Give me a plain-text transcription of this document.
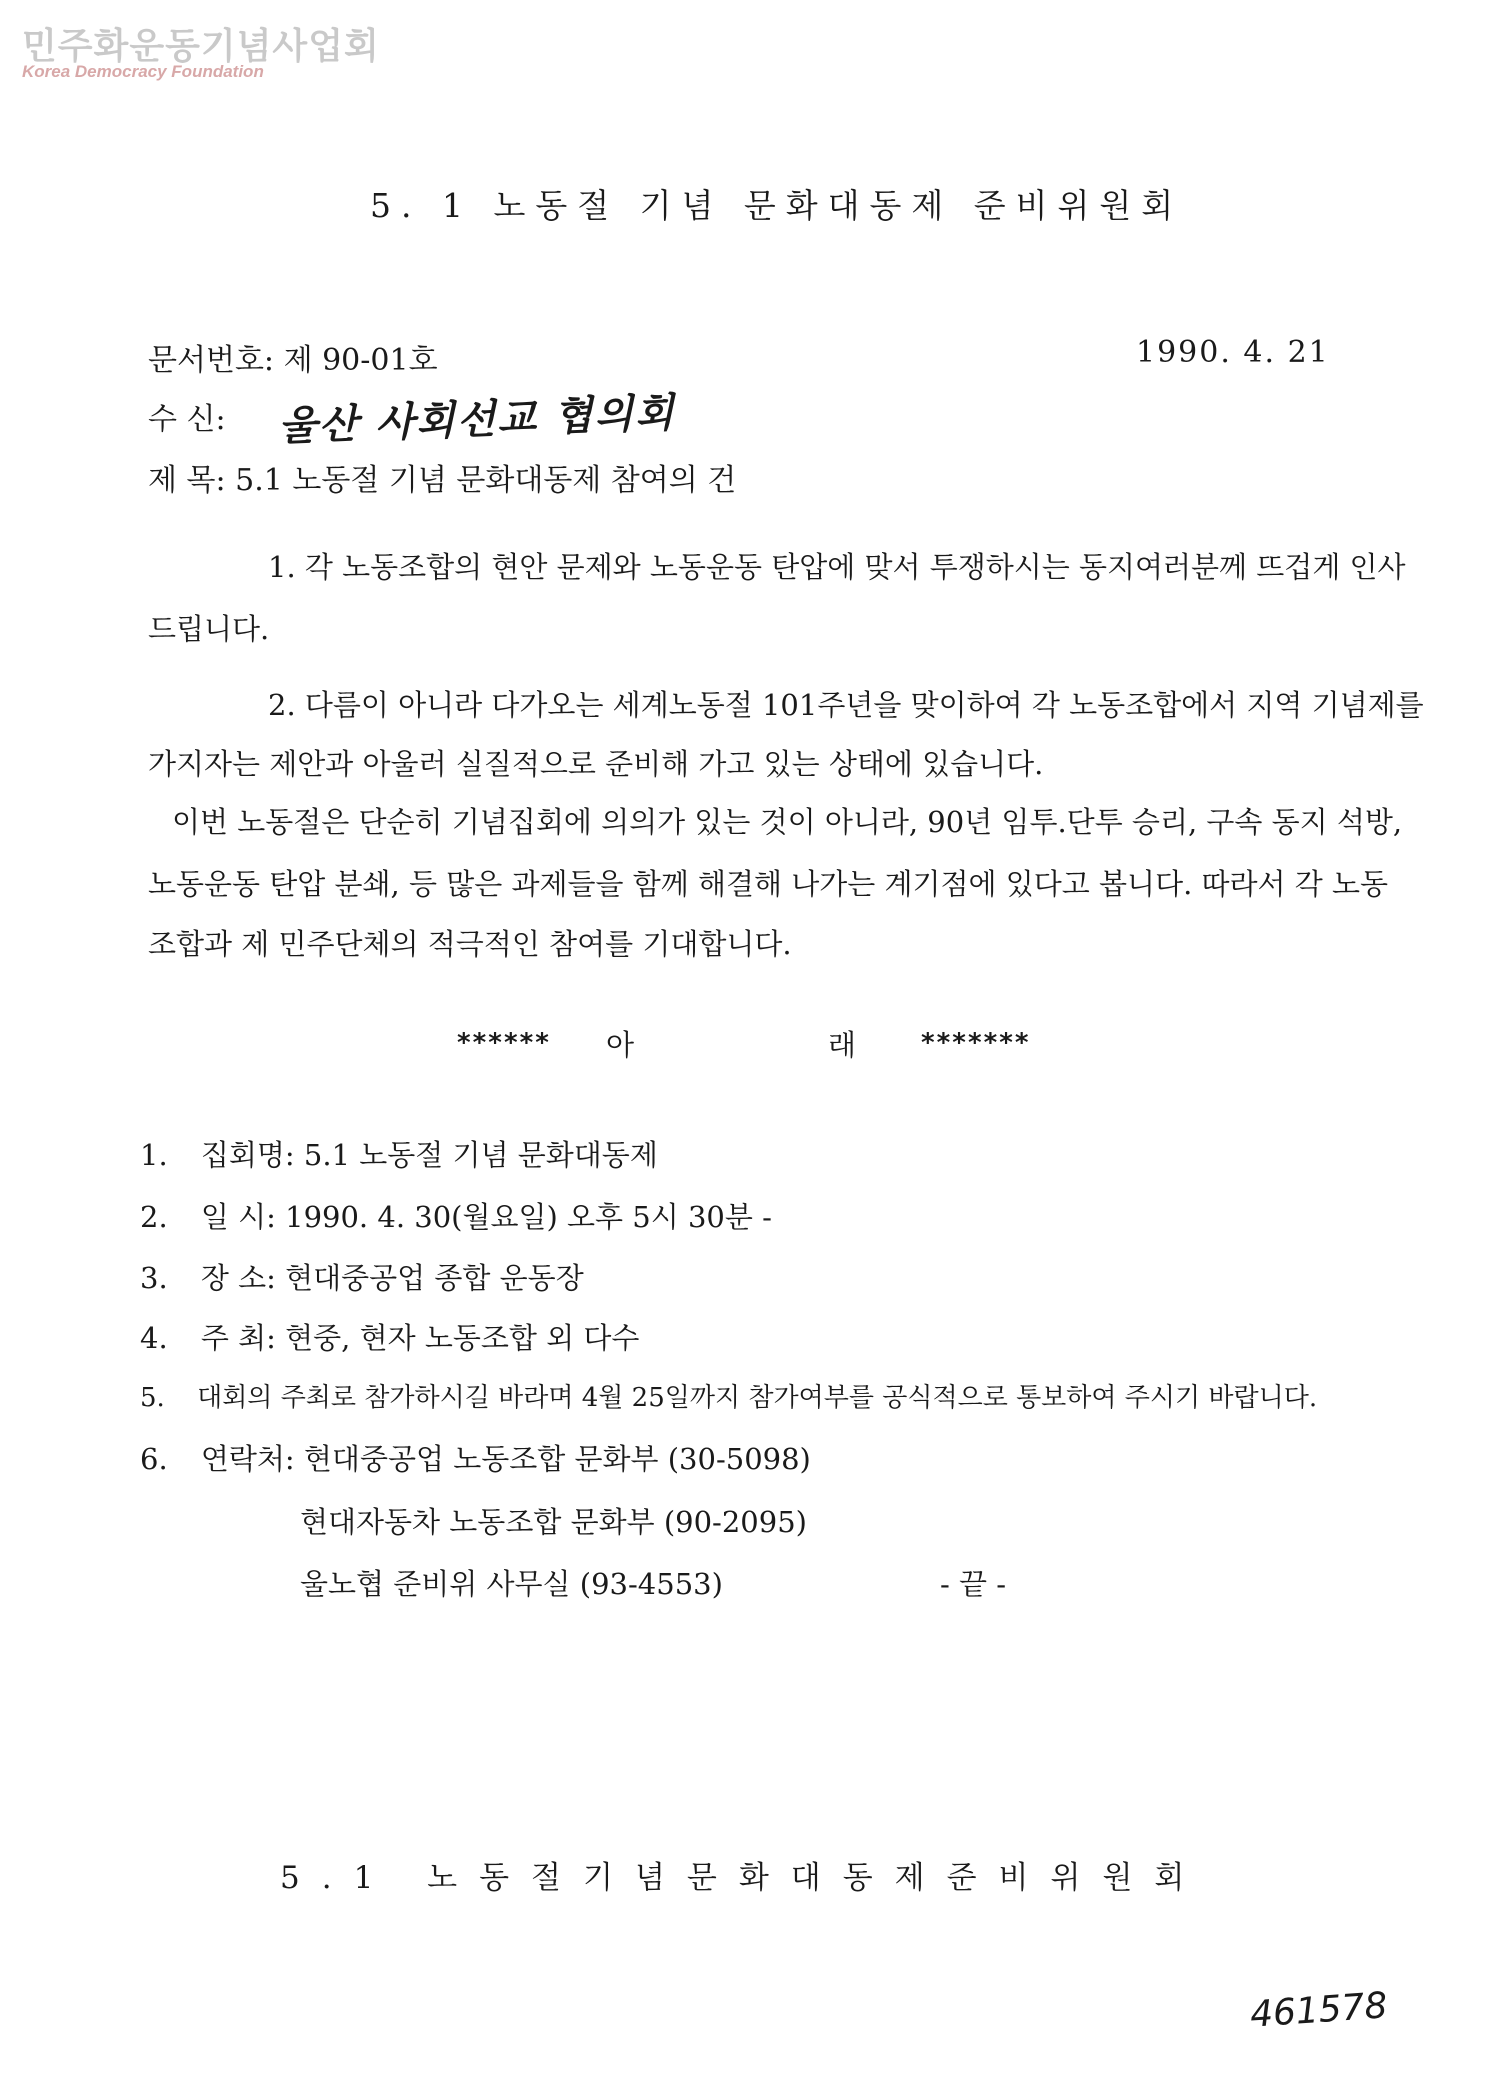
민주화운동기념사업회
Korea Democracy Foundation
5. 1 노동절 기념 문화대동제 준비위원회
문서번호: 제 90-01호	1990. 4. 21
수 신: 울산 사회선교 협의회
제 목: 5.1 노동절 기념 문화대동제 참여의 건
1. 각 노동조합의 현안 문제와 노동운동 탄압에 맞서 투쟁하시는 동지여러분께 뜨겁게 인사
드립니다.
2. 다름이 아니라 다가오는 세계노동절 101주년을 맞이하여 각 노동조합에서 지역 기념제를
가지자는 제안과 아울러 실질적으로 준비해 가고 있는 상태에 있습니다.
이번 노동절은 단순히 기념집회에 의의가 있는 것이 아니라, 90년 임투.단투 승리, 구속 동지 석방,
노동운동 탄압 분쇄, 등 많은 과제들을 함께 해결해 나가는 계기점에 있다고 봅니다. 따라서 각 노동
조합과 제 민주단체의 적극적인 참여를 기대합니다.
****** 아	래 *******
1. 집회명: 5.1 노동절 기념 문화대동제
2. 일 시: 1990. 4. 30(월요일) 오후 5시 30분 -
3. 장 소: 현대중공업 종합 운동장
4. 주 최: 현중, 현자 노동조합 외 다수
5. 대회의 주최로 참가하시길 바라며 4월 25일까지 참가여부를 공식적으로 통보하여 주시기 바랍니다.
6. 연락처: 현대중공업 노동조합 문화부 (30-5098)
현대자동차 노동조합 문화부 (90-2095)
울노협 준비위 사무실 (93-4553)	- 끝 -
5.1 노동절기념문화대동제준비위원회
461578
